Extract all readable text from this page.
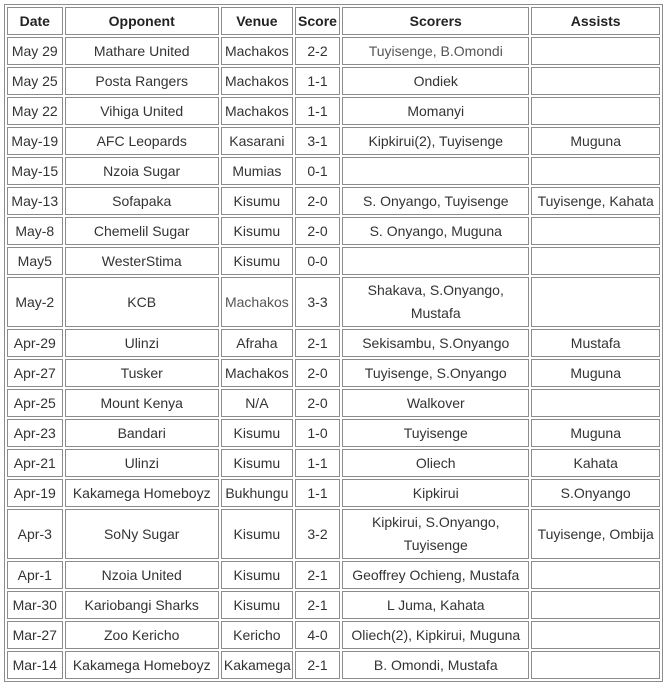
Date	Opponent	Venue	Score	Scorers	Assists
May 29	Mathare United	Machakos	2-2	Tuyisenge, B.Omondi	
May 25	Posta Rangers	Machakos	1-1	Ondiek	
May 22	Vihiga United	Machakos	1-1	Momanyi	
May-19	AFC Leopards	Kasarani	3-1	Kipkirui(2), Tuyisenge	Muguna
May-15	Nzoia Sugar	Mumias	0-1		
May-13	Sofapaka	Kisumu	2-0	S. Onyango, Tuyisenge	Tuyisenge, Kahata
May-8	Chemelil Sugar	Kisumu	2-0	S. Onyango, Muguna	
May5	WesterStima	Kisumu	0-0		
May-2	KCB	Machakos	3-3	Shakava, S.Onyango, Mustafa	
Apr-29	Ulinzi	Afraha	2-1	Sekisambu, S.Onyango	Mustafa
Apr-27	Tusker	Machakos	2-0	Tuyisenge, S.Onyango	Muguna
Apr-25	Mount Kenya	N/A	2-0	Walkover	
Apr-23	Bandari	Kisumu	1-0	Tuyisenge	Muguna
Apr-21	Ulinzi	Kisumu	1-1	Oliech	Kahata
Apr-19	Kakamega Homeboyz	Bukhungu	1-1	Kipkirui	S.Onyango
Apr-3	SoNy Sugar	Kisumu	3-2	Kipkirui, S.Onyango, Tuyisenge	Tuyisenge, Ombija
Apr-1	Nzoia United	Kisumu	2-1	Geoffrey Ochieng, Mustafa	
Mar-30	Kariobangi Sharks	Kisumu	2-1	L Juma, Kahata	
Mar-27	Zoo Kericho	Kericho	4-0	Oliech(2), Kipkirui, Muguna	
Mar-14	Kakamega Homeboyz	Kakamega	2-1	B. Omondi, Mustafa	
